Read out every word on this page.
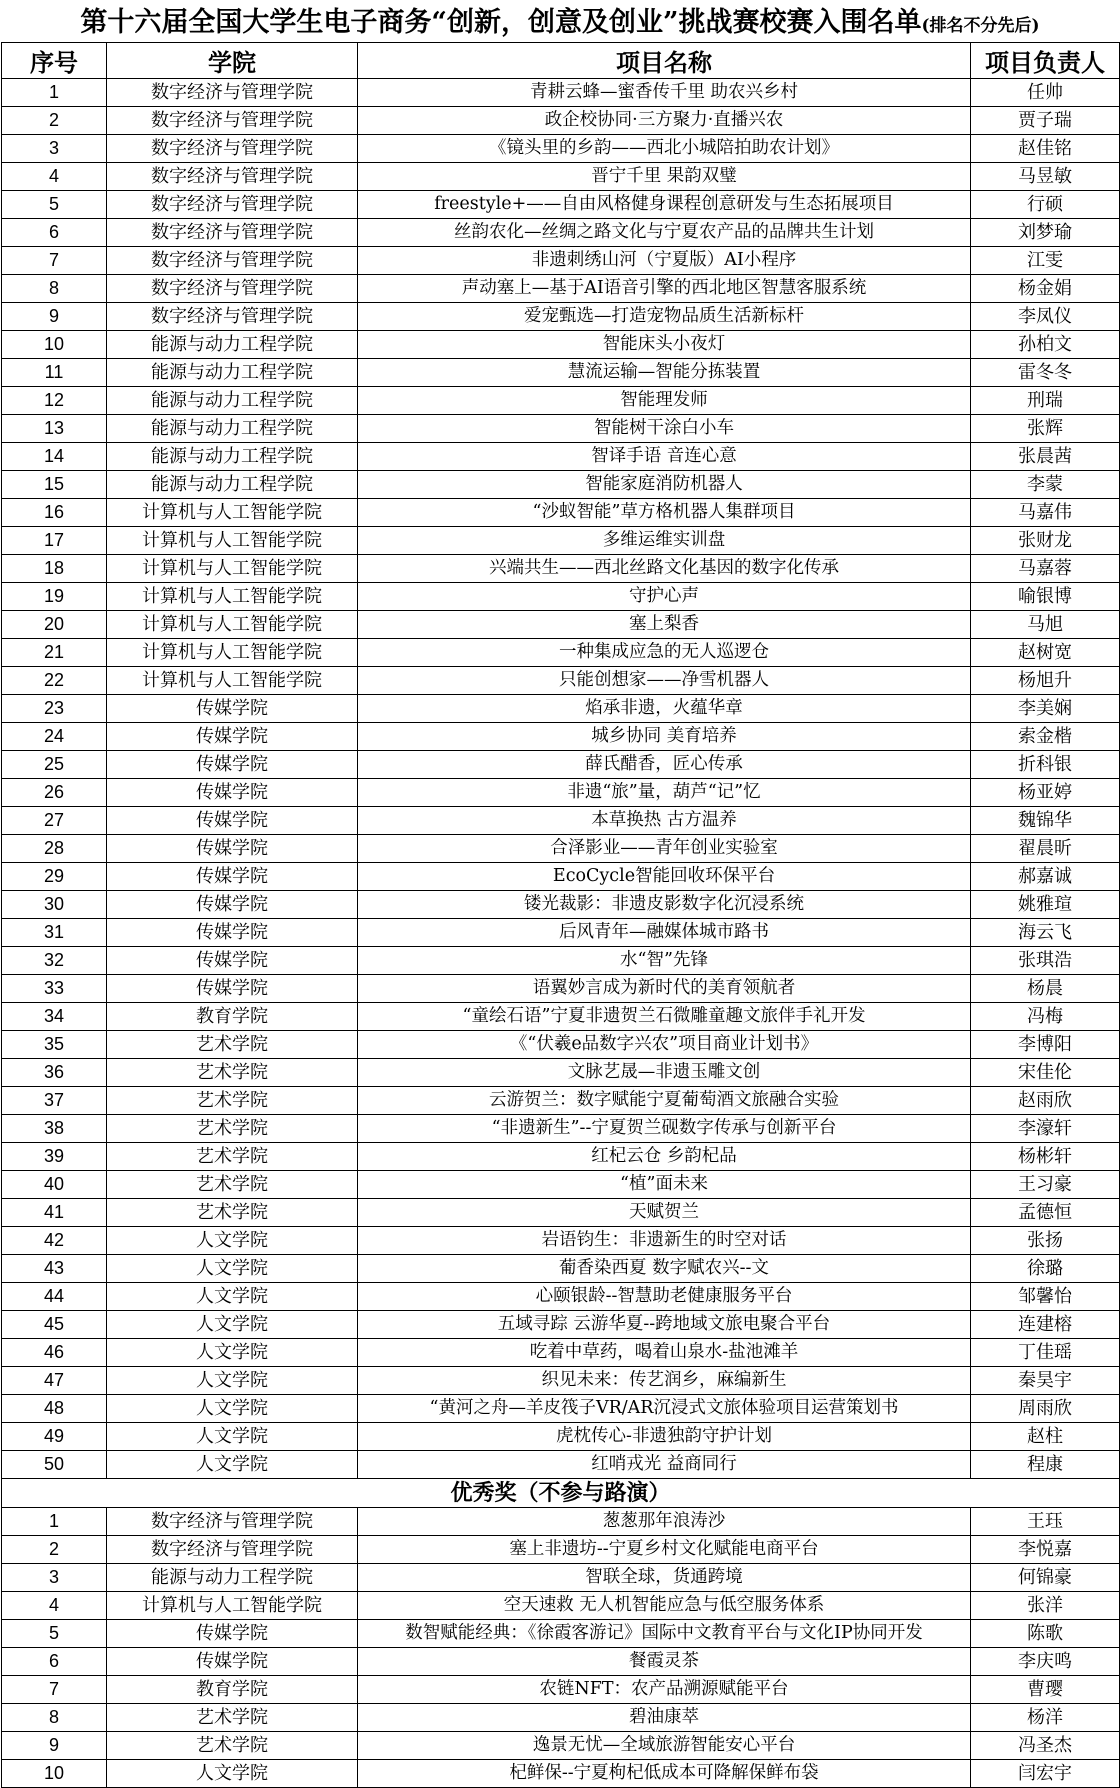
第十六届全国大学生电子商务“创新，创意及创业”挑战赛校赛入围名单(排名不分先后)
序号	学院	项目名称	项目负责人
1	数字经济与管理学院	青耕云蜂—蜜香传千里 助农兴乡村	任帅
2	数字经济与管理学院	政企校协同·三方聚力·直播兴农	贾子瑞
3	数字经济与管理学院	《镜头里的乡韵——西北小城陪拍助农计划》	赵佳铭
4	数字经济与管理学院	晋宁千里 果韵双璧	马昱敏
5	数字经济与管理学院	freestyle+——自由风格健身课程创意研发与生态拓展项目	行硕
6	数字经济与管理学院	丝韵农化—丝绸之路文化与宁夏农产品的品牌共生计划	刘梦瑜
7	数字经济与管理学院	非遗刺绣山河（宁夏版）AI小程序	江雯
8	数字经济与管理学院	声动塞上—基于AI语音引擎的西北地区智慧客服系统	杨金娟
9	数字经济与管理学院	爱宠甄选—打造宠物品质生活新标杆	李凤仪
10	能源与动力工程学院	智能床头小夜灯	孙柏文
11	能源与动力工程学院	慧流运输—智能分拣装置	雷冬冬
12	能源与动力工程学院	智能理发师	刑瑞
13	能源与动力工程学院	智能树干涂白小车	张辉
14	能源与动力工程学院	智译手语 音连心意	张晨茜
15	能源与动力工程学院	智能家庭消防机器人	李蒙
16	计算机与人工智能学院	“沙蚁智能”草方格机器人集群项目	马嘉伟
17	计算机与人工智能学院	多维运维实训盘	张财龙
18	计算机与人工智能学院	兴端共生——西北丝路文化基因的数字化传承	马嘉蓉
19	计算机与人工智能学院	守护心声	喻银博
20	计算机与人工智能学院	塞上梨香	马旭
21	计算机与人工智能学院	一种集成应急的无人巡逻仓	赵树宽
22	计算机与人工智能学院	只能创想家——净雪机器人	杨旭升
23	传媒学院	焰承非遗，火蕴华章	李美娴
24	传媒学院	城乡协同 美育培养	索金楷
25	传媒学院	薛氏醋香，匠心传承	折科银
26	传媒学院	非遗“旅”量，葫芦“记”忆	杨亚婷
27	传媒学院	本草换热 古方温养	魏锦华
28	传媒学院	合泽影业——青年创业实验室	翟晨昕
29	传媒学院	EcoCycle智能回收环保平台	郝嘉诚
30	传媒学院	镂光裁影：非遗皮影数字化沉浸系统	姚雅瑄
31	传媒学院	后风青年—融媒体城市路书	海云飞
32	传媒学院	水“智”先锋	张琪浩
33	传媒学院	语翼妙言成为新时代的美育领航者	杨晨
34	教育学院	“童绘石语”宁夏非遗贺兰石微雕童趣文旅伴手礼开发	冯梅
35	艺术学院	《“伏羲e品数字兴农”项目商业计划书》	李博阳
36	艺术学院	文脉艺晟—非遗玉雕文创	宋佳伦
37	艺术学院	云游贺兰：数字赋能宁夏葡萄酒文旅融合实验	赵雨欣
38	艺术学院	“非遗新生”--宁夏贺兰砚数字传承与创新平台	李濠轩
39	艺术学院	红杞云仓 乡韵杞品	杨彬轩
40	艺术学院	“植”面未来	王习豪
41	艺术学院	天赋贺兰	孟德恒
42	人文学院	岩语钧生：非遗新生的时空对话	张扬
43	人文学院	葡香染西夏 数字赋农兴--文	徐璐
44	人文学院	心颐银龄--智慧助老健康服务平台	邹馨怡
45	人文学院	五域寻踪 云游华夏--跨地域文旅电聚合平台	连建榕
46	人文学院	吃着中草药，喝着山泉水-盐池滩羊	丁佳瑶
47	人文学院	织见未来：传艺润乡，麻编新生	秦昊宇
48	人文学院	“黄河之舟—羊皮筏子VR/AR沉浸式文旅体验项目运营策划书	周雨欣
49	人文学院	虎枕传心-非遗独韵守护计划	赵柱
50	人文学院	红哨戎光 益商同行	程康
优秀奖（不参与路演）			
1	数字经济与管理学院	葱葱那年浪涛沙	王珏
2	数字经济与管理学院	塞上非遗坊--宁夏乡村文化赋能电商平台	李悦嘉
3	能源与动力工程学院	智联全球，货通跨境	何锦豪
4	计算机与人工智能学院	空天速救 无人机智能应急与低空服务体系	张洋
5	传媒学院	数智赋能经典：《徐霞客游记》国际中文教育平台与文化IP协同开发	陈歌
6	传媒学院	餐霞灵茶	李庆鸣
7	教育学院	农链NFT：农产品溯源赋能平台	曹璎
8	艺术学院	碧油康萃	杨洋
9	艺术学院	逸景无忧—全域旅游智能安心平台	冯圣杰
10	人文学院	杞鲜保--宁夏枸杞低成本可降解保鲜布袋	闫宏宇
